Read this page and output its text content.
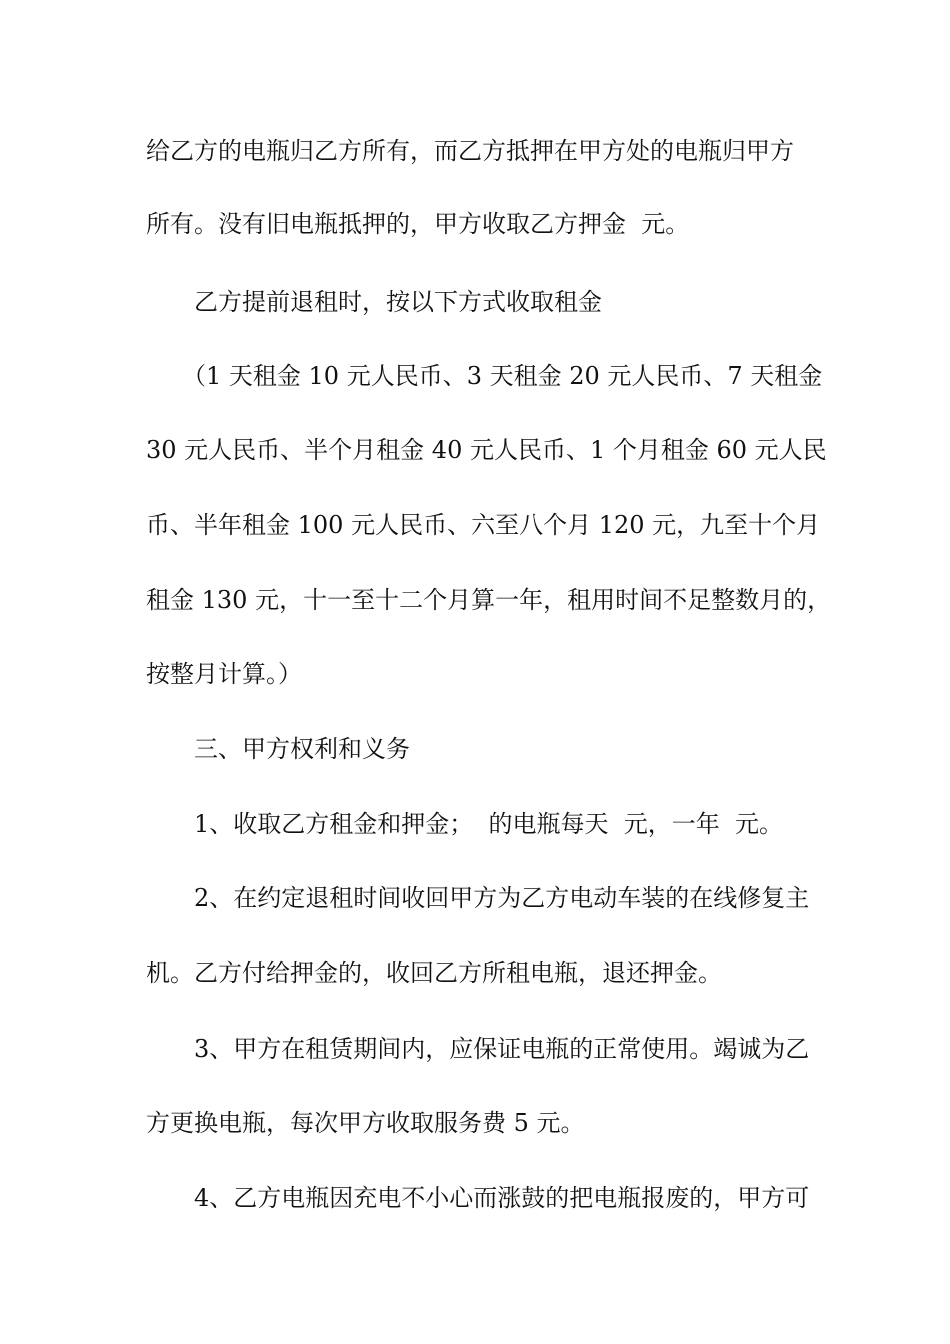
给乙方的电瓶归乙方所有，而乙方抵押在甲方处的电瓶归甲方
所有。没有旧电瓶抵押的，甲方收取乙方押金  元。
乙方提前退租时，按以下方式收取租金
（1 天租金 10 元人民币、3 天租金 20 元人民币、7 天租金
30 元人民币、半个月租金 40 元人民币、1 个月租金 60 元人民
币、半年租金 100 元人民币、六至八个月 120 元，九至十个月
租金 130 元，十一至十二个月算一年，租用时间不足整数月的，
按整月计算。）
三、甲方权利和义务
1、收取乙方租金和押金；  的电瓶每天  元，一年  元。
2、在约定退租时间收回甲方为乙方电动车装的在线修复主
机。乙方付给押金的，收回乙方所租电瓶，退还押金。
3、甲方在租赁期间内，应保证电瓶的正常使用。竭诚为乙
方更换电瓶，每次甲方收取服务费 5 元。
4、乙方电瓶因充电不小心而涨鼓的把电瓶报废的，甲方可
